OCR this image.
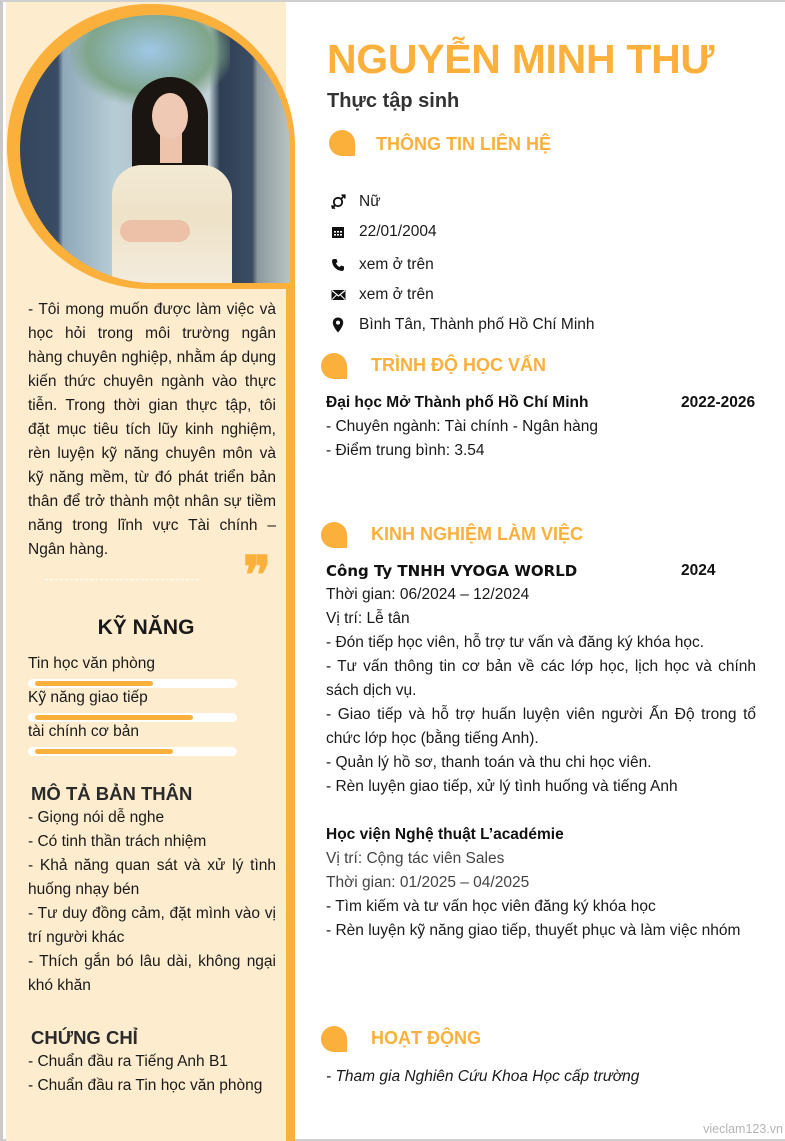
- Tôi mong muốn được làm việc và học hỏi trong môi trường ngân hàng chuyên nghiệp, nhằm áp dụng kiến thức chuyên ngành vào thực tiễn. Trong thời gian thực tập, tôi đặt mục tiêu tích lũy kinh nghiệm, rèn luyện kỹ năng chuyên môn và kỹ năng mềm, từ đó phát triển bản thân để trở thành một nhân sự tiềm năng trong lĩnh vực Tài chính – Ngân hàng.	❞
KỸ NĂNG
Tin học văn phòng
Kỹ năng giao tiếp
tài chính cơ bản
MÔ TẢ BẢN THÂN
- Giọng nói dễ nghe
- Có tinh thần trách nhiệm
- Khả năng quan sát và xử lý tình huống nhạy bén
- Tư duy đồng cảm, đặt mình vào vị trí người khác
- Thích gắn bó lâu dài, không ngại khó khăn
CHỨNG CHỈ
- Chuẩn đầu ra Tiếng Anh B1
- Chuẩn đầu ra Tin học văn phòng
NGUYỄN MINH THƯ
Thực tập sinh
THÔNG TIN LIÊN HỆ
Nữ
22/01/2004
xem ở trên
xem ở trên
Bình Tân, Thành phố Hồ Chí Minh
TRÌNH ĐỘ HỌC VẤN
Đại học Mở Thành phố Hồ Chí Minh	2022-2026
- Chuyên ngành: Tài chính - Ngân hàng
- Điểm trung bình: 3.54
KINH NGHIỆM LÀM VIỆC
Công Ty TNHH VYOGA WORLD	2024
Thời gian: 06/2024 – 12/2024
Vị trí: Lễ tân
- Đón tiếp học viên, hỗ trợ tư vấn và đăng ký khóa học.
- Tư vấn thông tin cơ bản về các lớp học, lịch học và chính sách dịch vụ.
- Giao tiếp và hỗ trợ huấn luyện viên người Ấn Độ trong tổ chức lớp học (bằng tiếng Anh).
- Quản lý hồ sơ, thanh toán và thu chi học viên.
- Rèn luyện giao tiếp, xử lý tình huống và tiếng Anh
Học viện Nghệ thuật L’académie
Vị trí: Cộng tác viên Sales
Thời gian: 01/2025 – 04/2025
- Tìm kiếm và tư vấn học viên đăng ký khóa học
- Rèn luyện kỹ năng giao tiếp, thuyết phục và làm việc nhóm
HOẠT ĐỘNG
- Tham gia Nghiên Cứu Khoa Học cấp trường
vieclam123.vn
